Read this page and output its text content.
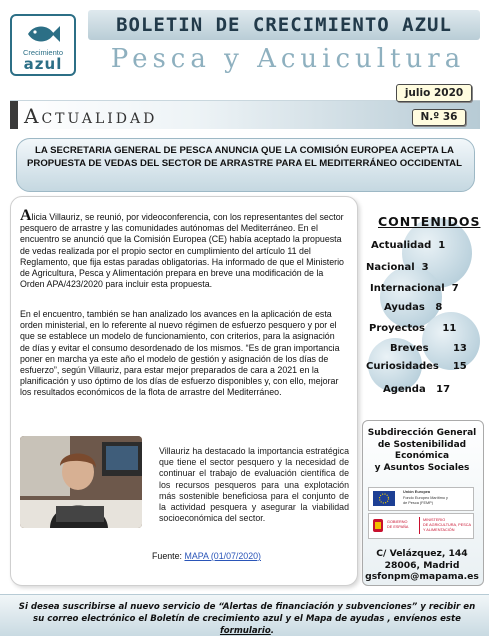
Crecimiento
azul
BOLETIN DE CRECIMIENTO AZUL
Pesca y Acuicultura
Actualidad
julio 2020
N.º 36
LA SECRETARIA GENERAL DE PESCA ANUNCIA QUE LA COMISIÓN EUROPEA ACEPTA LA PROPUESTA DE VEDAS DEL SECTOR DE ARRASTRE PARA EL MEDITERRÁNEO OCCIDENTAL
Alicia Villauriz, se reunió, por videoconferencia, con los representantes del sector pesquero de arrastre y las comunidades autónomas del Mediterráneo. En el encuentro se anunció que la Comisión Europea (CE) había aceptado la propuesta de vedas realizada por el propio sector en cumplimiento del artículo 11 del Reglamento, que fija estas paradas obligatorias. Ha informado de que el Ministerio de Agricultura, Pesca y Alimentación prepara en breve una modificación de la Orden APA/423/2020 para incluir esta propuesta.
En el encuentro, también se han analizado los avances en la aplicación de esta orden ministerial, en lo referente al nuevo régimen de esfuerzo pesquero y por el que se establece un modelo de funcionamiento, con criterios, para la asignación de días y evitar el consumo desordenado de los mismos. “Es de gran importancia poner en marcha ya este año el modelo de gestión y asignación de los días de esfuerzo”, según Villauriz, para estar mejor preparados de cara a 2021 en la planificación y uso óptimo de los días de esfuerzo disponibles y, con ello, mejorar los resultados económicos de la flota de arrastre del Mediterráneo.
Villauriz ha destacado la importancia estratégica que tiene el sector pesquero y la necesidad de continuar el trabajo de evaluación científica de los recursos pesqueros para una explotación más sostenible beneficiosa para el conjunto de la actividad pesquera y asegurar la viabilidad socioeconómica del sector.
Fuente: MAPA (01/07/2020)
CONTENIDOS
Actualidad 1
Nacional 3
Internacional 7
Ayudas 8
Proyectos 11
Breves 13
Curiosidades 15
Agenda 17
Subdirección General
de Sostenibilidad
Económica
y Asuntos Sociales
Unión Europea
Fondo Europeo Marítimo y
de Pesca (FEMP)
GOBIERNO
DE ESPAÑA
MINISTERIO
DE AGRICULTURA, PESCA
Y ALIMENTACIÓN
C/ Velázquez, 144
28006, Madrid
gsfonpm@mapama.es
Si desea suscribirse al nuevo servicio de “Alertas de financiación y subvenciones” y recibir en su correo electrónico el Boletín de crecimiento azul y el Mapa de ayudas , envíenos este formulario.
